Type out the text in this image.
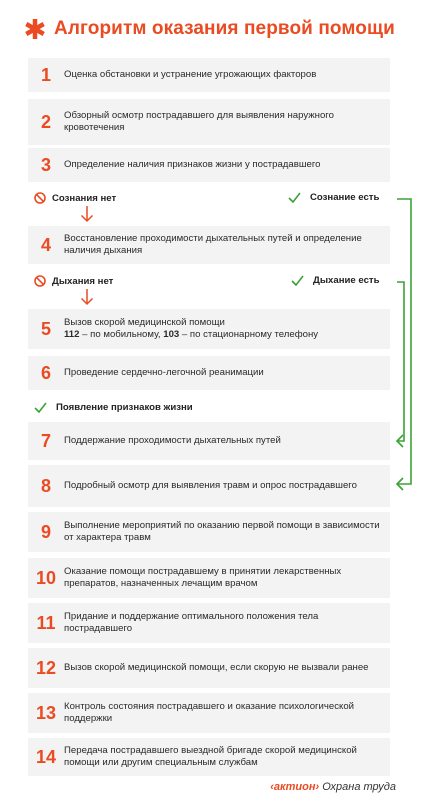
Алгоритм оказания первой помощи
1	Оценка обстановки и устранение угрожающих факторов
2	Обзорный осмотр пострадавшего для выявления наружного кровотечения
3	Определение наличия признаков жизни у пострадавшего
Сознания нет	Сознание есть
4	Восстановление проходимости дыхательных путей и определение наличия дыхания
Дыхания нет	Дыхание есть
5	Вызов скорой медицинской помощи
112 – по мобильному, 103 – по стационарному телефону
6	Проведение сердечно-легочной реанимации
Появление признаков жизни
7	Поддержание проходимости дыхательных путей
8	Подробный осмотр для выявления травм и опрос пострадавшего
9	Выполнение мероприятий по оказанию первой помощи в зависимости от характера травм
10 Оказание помощи пострадавшему в принятии лекарственных препаратов, назначенных лечащим врачом
11 Придание и поддержание оптимального положения тела пострадавшего
12 Вызов скорой медицинской помощи, если скорую не вызвали ранее
13 Контроль состояния пострадавшего и оказание психологической поддержки
14 Передача пострадавшего выездной бригаде скорой медицинской помощи или другим специальным службам
‹актион› Охрана труда
